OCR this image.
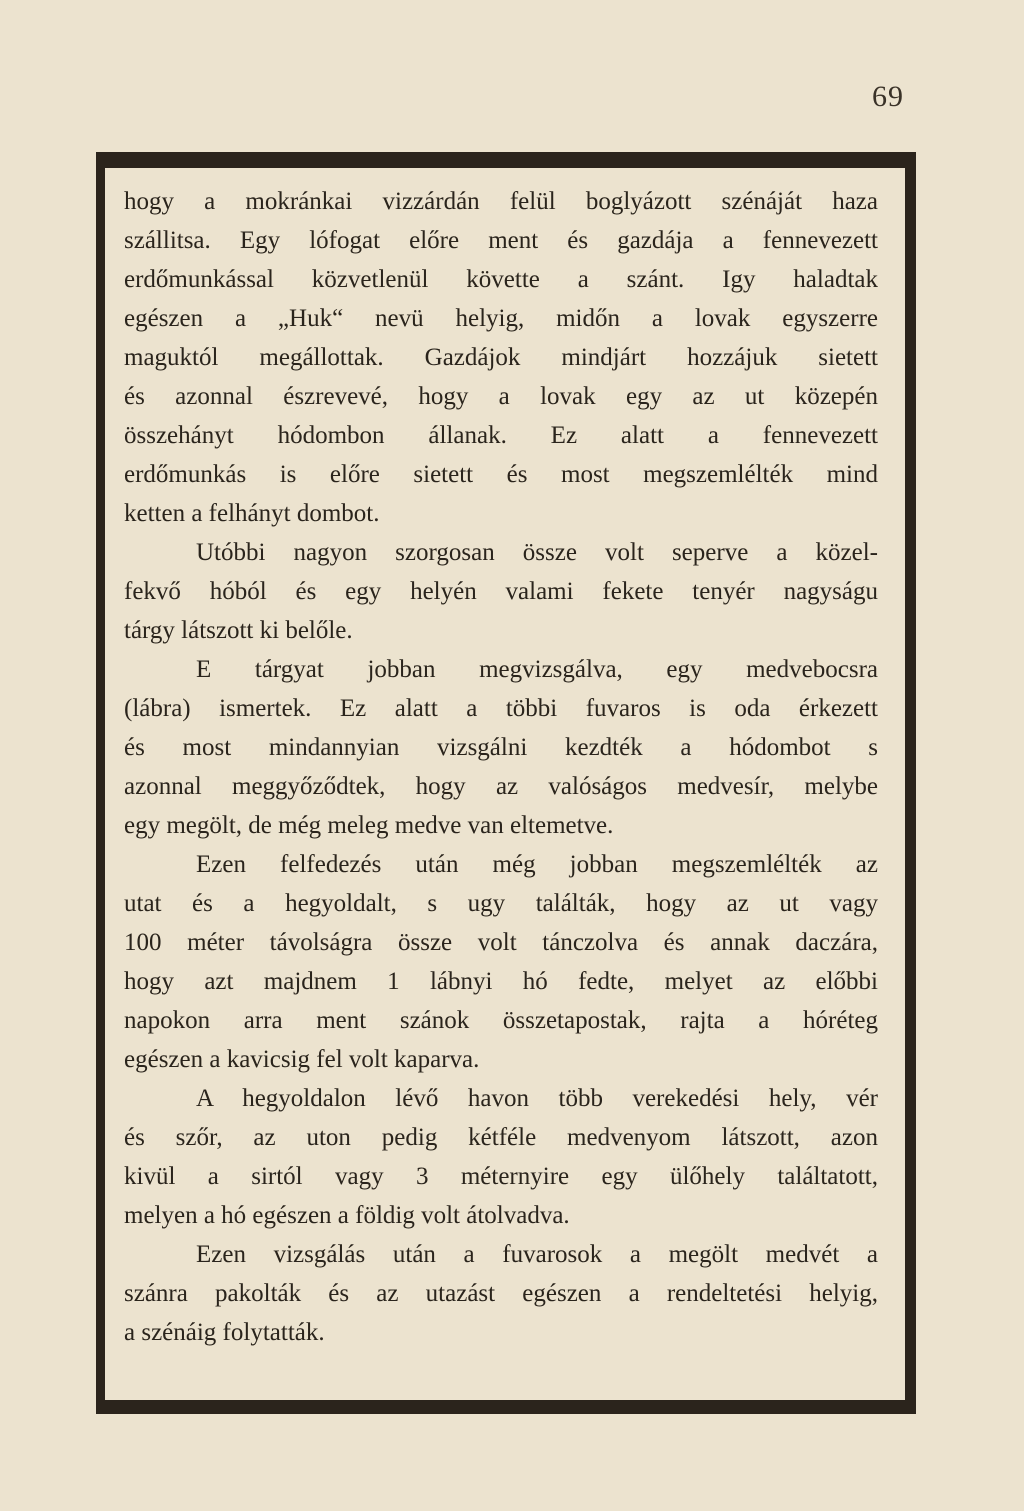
69
hogy a mokránkai vizzárdán felül boglyázott szénáját haza
szállitsa. Egy lófogat előre ment és gazdája a fennevezett
erdőmunkással közvetlenül követte a szánt. Igy haladtak
egészen a „Huk“ nevü helyig, midőn a lovak egyszerre
maguktól megállottak. Gazdájok mindjárt hozzájuk sietett
és azonnal észrevevé, hogy a lovak egy az ut közepén
összehányt hódombon állanak. Ez alatt a fennevezett
erdőmunkás is előre sietett és most megszemlélték mind
ketten a felhányt dombot.
Utóbbi nagyon szorgosan össze volt seperve a közel-
fekvő hóból és egy helyén valami fekete tenyér nagyságu
tárgy látszott ki belőle.
E tárgyat jobban megvizsgálva, egy medvebocsra
(lábra) ismertek. Ez alatt a többi fuvaros is oda érkezett
és most mindannyian vizsgálni kezdték a hódombot s
azonnal meggyőződtek, hogy az valóságos medvesír, melybe
egy megölt, de még meleg medve van eltemetve.
Ezen felfedezés után még jobban megszemlélték az
utat és a hegyoldalt, s ugy találták, hogy az ut vagy
100 méter távolságra össze volt tánczolva és annak daczára,
hogy azt majdnem 1 lábnyi hó fedte, melyet az előbbi
napokon arra ment szánok összetapostak, rajta a hóréteg
egészen a kavicsig fel volt kaparva.
A hegyoldalon lévő havon több verekedési hely, vér
és szőr, az uton pedig kétféle medvenyom látszott, azon
kivül a sirtól vagy 3 méternyire egy ülőhely találtatott,
melyen a hó egészen a földig volt átolvadva.
Ezen vizsgálás után a fuvarosok a megölt medvét a
szánra pakolták és az utazást egészen a rendeltetési helyig,
a szénáig folytatták.
